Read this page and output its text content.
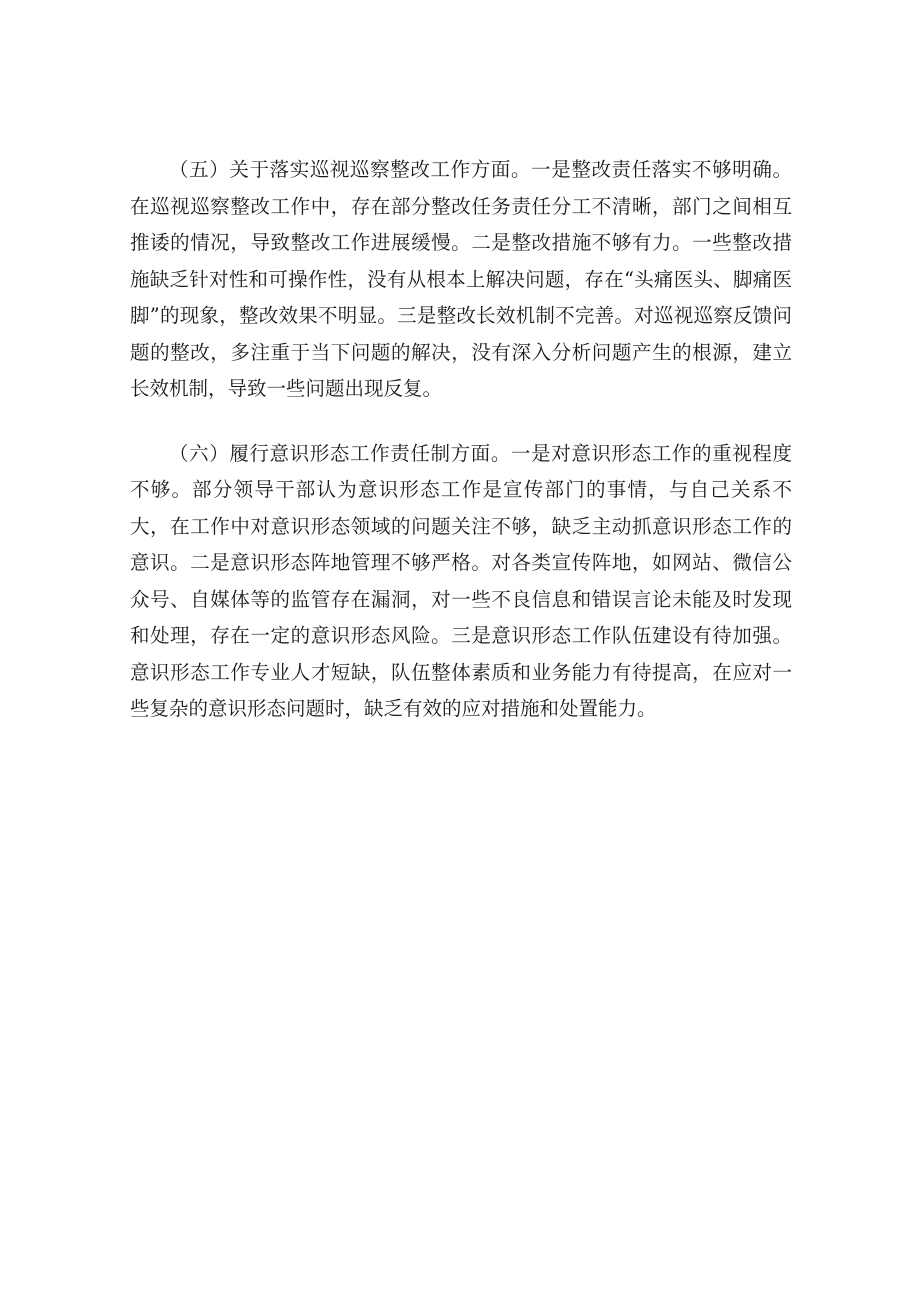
（五）关于落实巡视巡察整改工作方面。一是整改责任落实不够明确。在巡视巡察整改工作中，存在部分整改任务责任分工不清晰，部门之间相互推诿的情况，导致整改工作进展缓慢。二是整改措施不够有力。一些整改措施缺乏针对性和可操作性，没有从根本上解决问题，存在“头痛医头、脚痛医脚”的现象，整改效果不明显。三是整改长效机制不完善。对巡视巡察反馈问题的整改，多注重于当下问题的解决，没有深入分析问题产生的根源，建立长效机制，导致一些问题出现反复。

（六）履行意识形态工作责任制方面。一是对意识形态工作的重视程度不够。部分领导干部认为意识形态工作是宣传部门的事情，与自己关系不大，在工作中对意识形态领域的问题关注不够，缺乏主动抓意识形态工作的意识。二是意识形态阵地管理不够严格。对各类宣传阵地，如网站、微信公众号、自媒体等的监管存在漏洞，对一些不良信息和错误言论未能及时发现和处理，存在一定的意识形态风险。三是意识形态工作队伍建设有待加强。意识形态工作专业人才短缺，队伍整体素质和业务能力有待提高，在应对一些复杂的意识形态问题时，缺乏有效的应对措施和处置能力。
